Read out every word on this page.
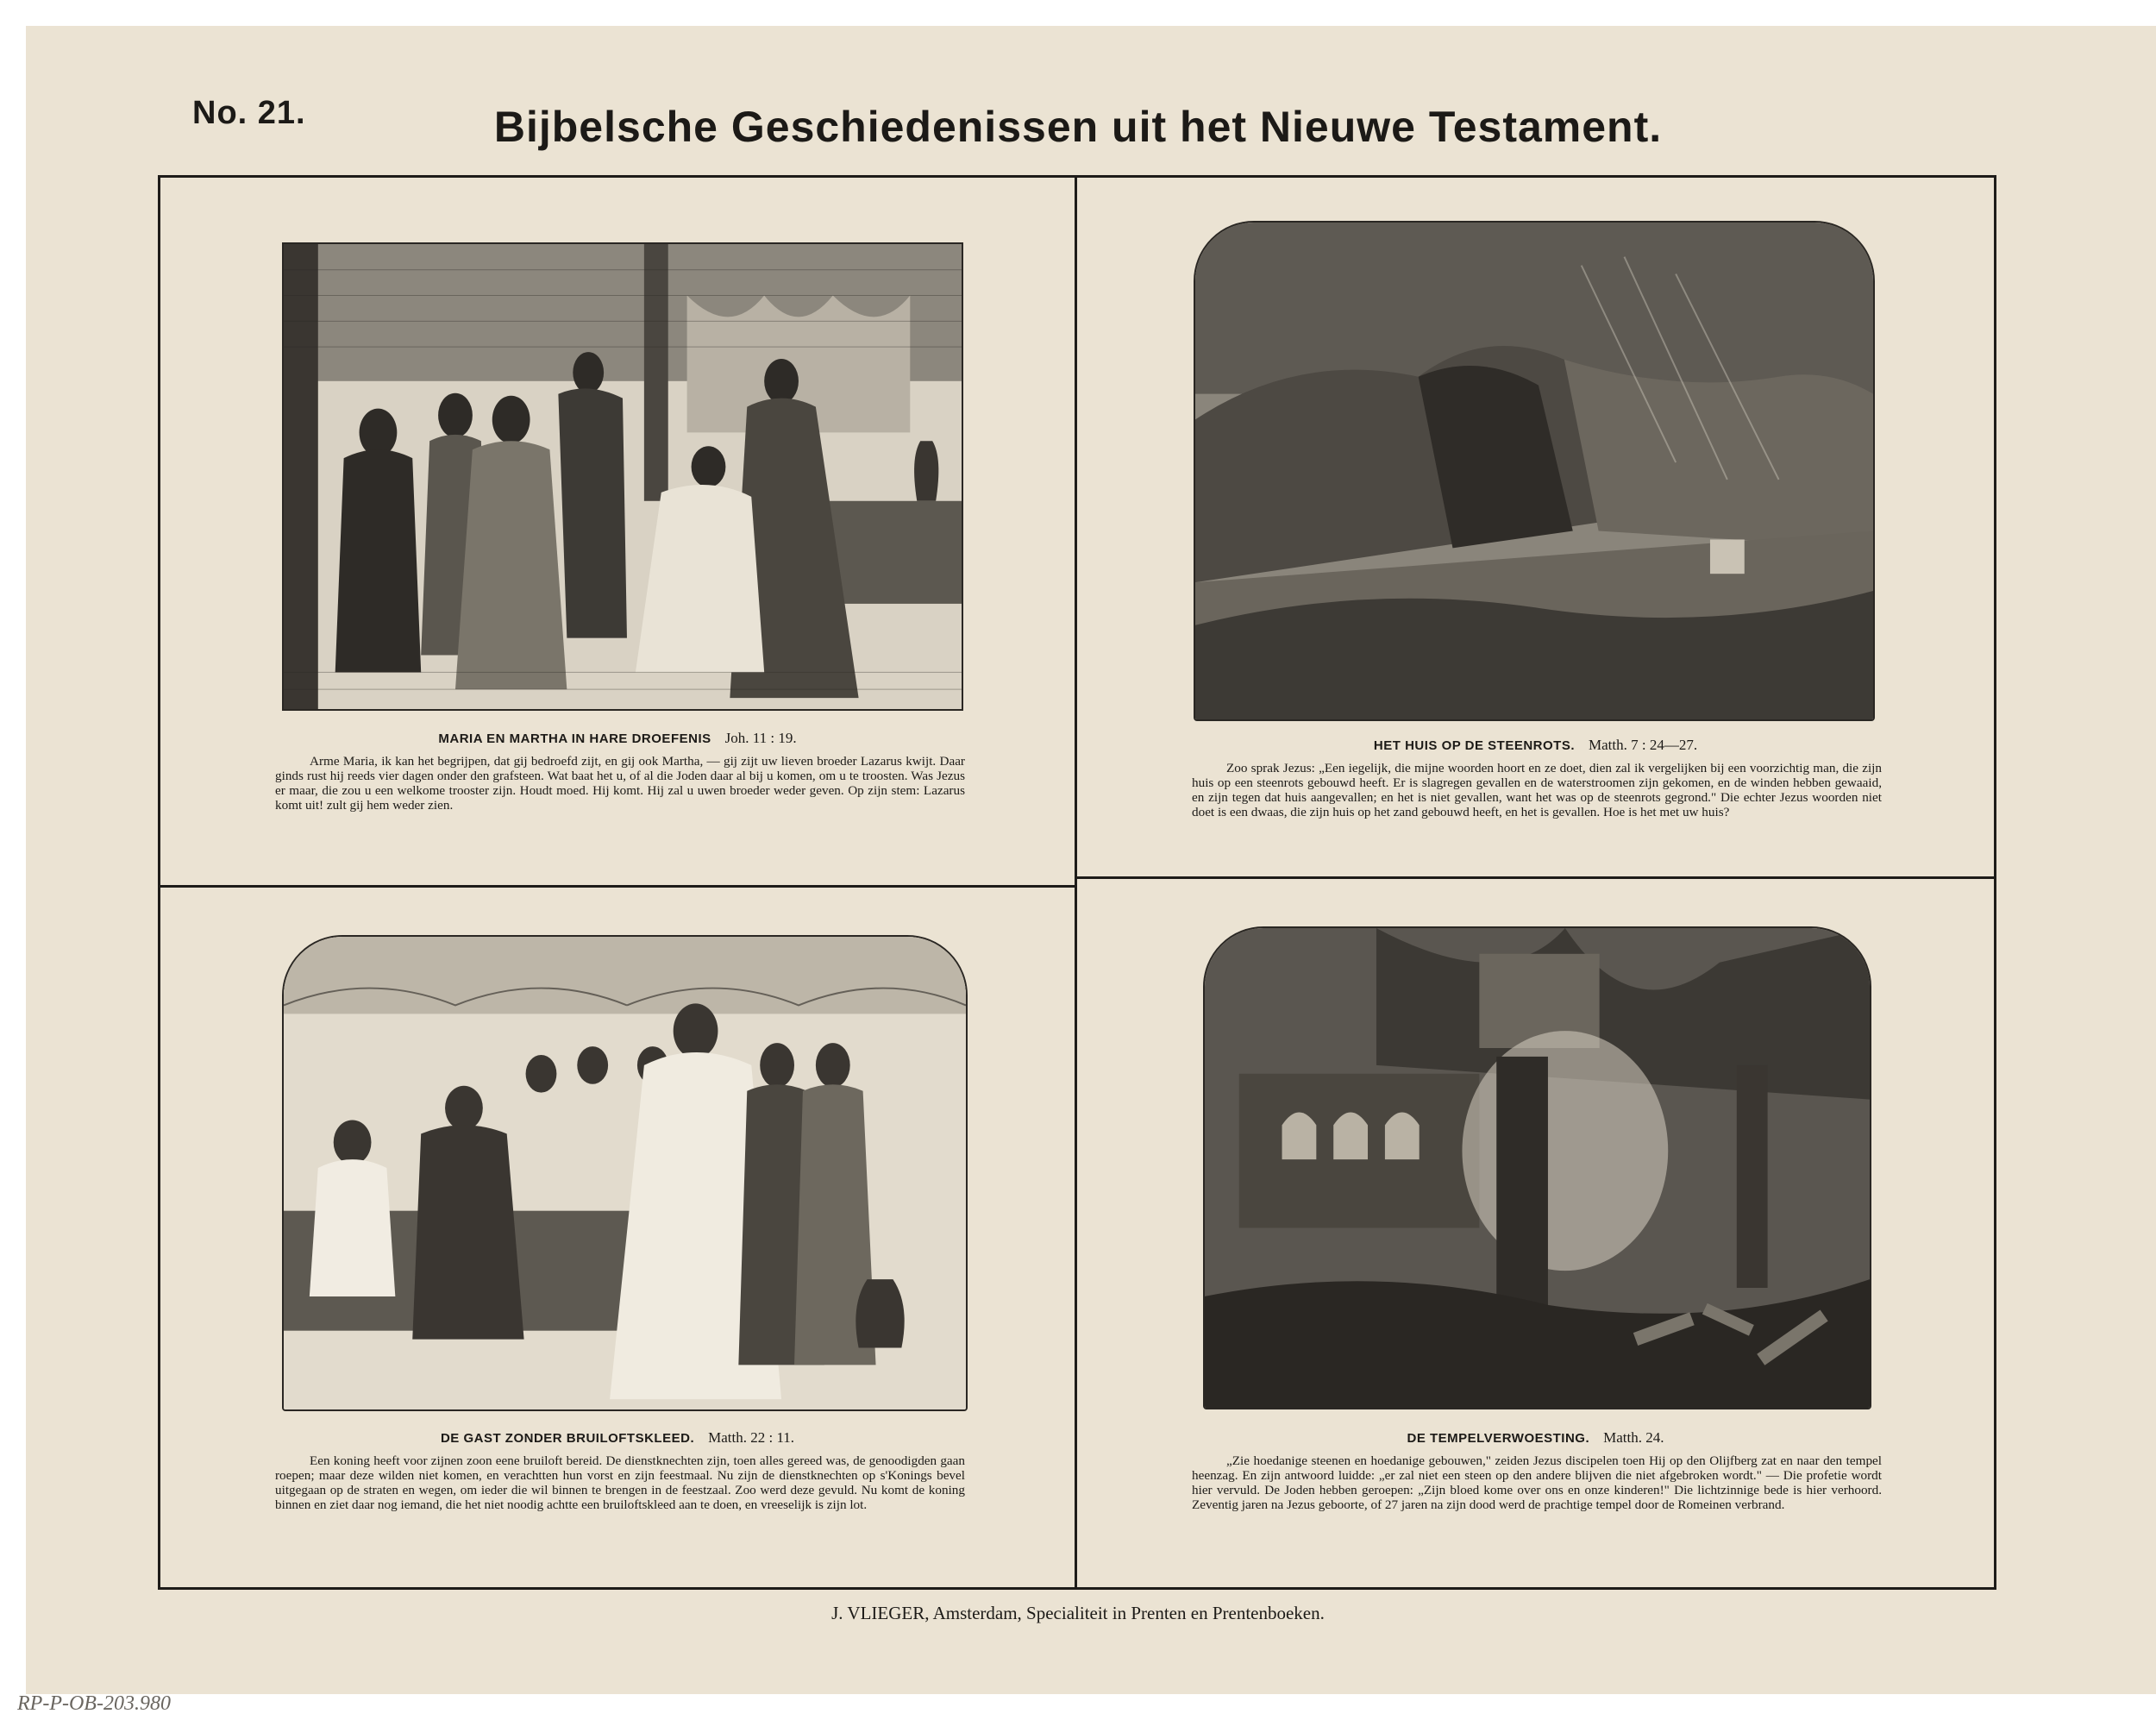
No. 21.	Bijbelsche Geschiedenissen uit het Nieuwe Testament.
MARIA EN MARTHA IN HARE DROEFENIS Joh. 11 : 19.
Arme Maria, ik kan het begrijpen, dat gij bedroefd zijt, en gij ook Martha, — gij zijt uw lieven broeder Lazarus kwijt. Daar ginds rust hij reeds vier dagen onder den grafsteen. Wat baat het u, of al die Joden daar al bij u komen, om u te troosten. Was Jezus er maar, die zou u een welkome trooster zijn. Houdt moed. Hij komt. Hij zal u uwen broeder weder geven. Op zijn stem: Lazarus komt uit! zult gij hem weder zien.
HET HUIS OP DE STEENROTS. Matth. 7 : 24—27.
Zoo sprak Jezus: „Een iegelijk, die mijne woorden hoort en ze doet, dien zal ik vergelijken bij een voorzichtig man, die zijn huis op een steenrots gebouwd heeft. Er is slagregen gevallen en de waterstroomen zijn gekomen, en de winden hebben gewaaid, en zijn tegen dat huis aangevallen; en het is niet gevallen, want het was op de steenrots gegrond." Die echter Jezus woorden niet doet is een dwaas, die zijn huis op het zand gebouwd heeft, en het is gevallen. Hoe is het met uw huis?
DE GAST ZONDER BRUILOFTSKLEED. Matth. 22 : 11.
Een koning heeft voor zijnen zoon eene bruiloft bereid. De dienstknechten zijn, toen alles gereed was, de genoodigden gaan roepen; maar deze wilden niet komen, en verachtten hun vorst en zijn feestmaal. Nu zijn de dienstknechten op s'Konings bevel uitgegaan op de straten en wegen, om ieder die wil binnen te brengen in de feestzaal. Zoo werd deze gevuld. Nu komt de koning binnen en ziet daar nog iemand, die het niet noodig achtte een bruiloftskleed aan te doen, en vreeselijk is zijn lot.
DE TEMPELVERWOESTING. Matth. 24.
„Zie hoedanige steenen en hoedanige gebouwen," zeiden Jezus discipelen toen Hij op den Olijfberg zat en naar den tempel heenzag. En zijn antwoord luidde: „er zal niet een steen op den andere blijven die niet afgebroken wordt." — Die profetie wordt hier vervuld. De Joden hebben geroepen: „Zijn bloed kome over ons en onze kinderen!" Die lichtzinnige bede is hier verhoord. Zeventig jaren na Jezus geboorte, of 27 jaren na zijn dood werd de prachtige tempel door de Romeinen verbrand.
J. VLIEGER, Amsterdam, Specialiteit in Prenten en Prentenboeken.
RP-P-OB-203.980
